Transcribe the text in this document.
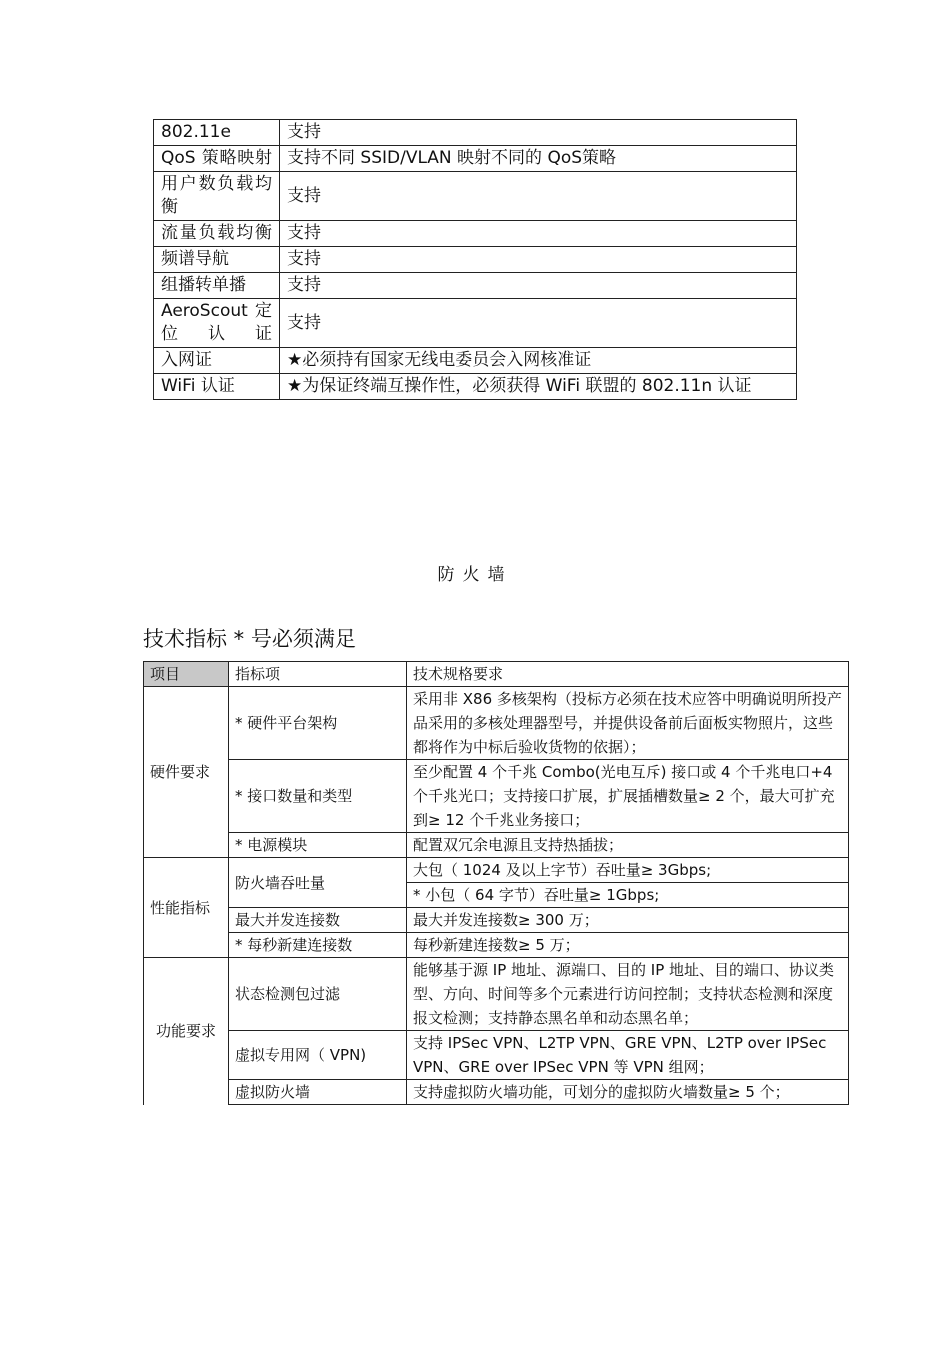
802.11e	支持
QoS 策略映射	支持不同 SSID/VLAN 映射不同的 QoS策略
用户数负载均衡	支持
流量负载均衡	支持
频谱导航	支持
组播转单播	支持
AeroScout 定位认证	支持
入网证	★必须持有国家无线电委员会入网核准证
WiFi 认证	★为保证终端互操作性，必须获得 WiFi 联盟的 802.11n 认证
防火墙
技术指标 * 号必须满足
项目	指标项	技术规格要求
硬件要求	* 硬件平台架构	采用非 X86 多核架构（投标方必须在技术应答中明确说明所投产品采用的多核处理器型号，并提供设备前后面板实物照片，这些都将作为中标后验收货物的依据）；
	* 接口数量和类型	至少配置 4 个千兆 Combo(光电互斥) 接口或 4 个千兆电口+4 个千兆光口；支持接口扩展，扩展插槽数量≥ 2 个，最大可扩充到≥ 12 个千兆业务接口；
	* 电源模块	配置双冗余电源且支持热插拔；
性能指标	防火墙吞吐量	大包（ 1024 及以上字节）吞吐量≥ 3Gbps;
		* 小包（ 64 字节）吞吐量≥ 1Gbps;
	最大并发连接数	最大并发连接数≥ 300 万；
	* 每秒新建连接数	每秒新建连接数≥ 5 万；
功能要求	状态检测包过滤	能够基于源 IP 地址、源端口、目的 IP 地址、目的端口、协议类型、方向、时间等多个元素进行访问控制；支持状态检测和深度报文检测；支持静态黑名单和动态黑名单；
	虚拟专用网（ VPN)	支持 IPSec VPN、L2TP VPN、GRE VPN、L2TP over IPSec VPN、GRE over IPSec VPN 等 VPN 组网；
	虚拟防火墙	支持虚拟防火墙功能，可划分的虚拟防火墙数量≥ 5 个；
